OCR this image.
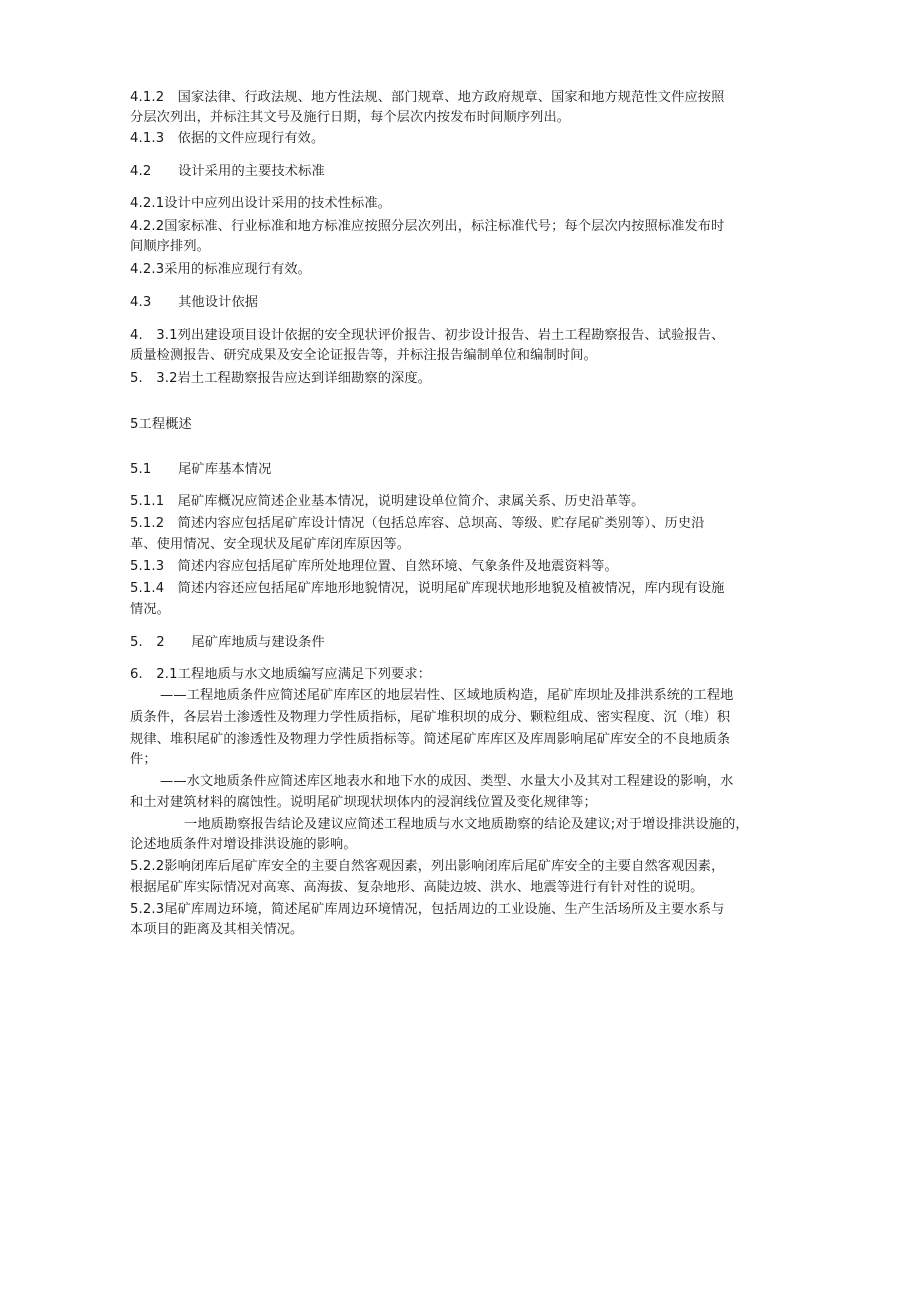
4.1.2　国家法律、行政法规、地方性法规、部门规章、地方政府规章、国家和地方规范性文件应按照
分层次列出，并标注其文号及施行日期，每个层次内按发布时间顺序列出。
4.1.3　依据的文件应现行有效。
4.2　　设计采用的主要技术标准
4.2.1设计中应列出设计采用的技术性标准。
4.2.2国家标准、行业标准和地方标准应按照分层次列出，标注标准代号；每个层次内按照标准发布时
间顺序排列。
4.2.3采用的标准应现行有效。
4.3　　其他设计依据
4.　3.1列出建设项目设计依据的安全现状评价报告、初步设计报告、岩土工程勘察报告、试验报告、
质量检测报告、研究成果及安全论证报告等，并标注报告编制单位和编制时间。
5.　3.2岩土工程勘察报告应达到详细勘察的深度。
5工程概述
5.1　　尾矿库基本情况
5.1.1　尾矿库概况应简述企业基本情况，说明建设单位简介、隶属关系、历史沿革等。
5.1.2　简述内容应包括尾矿库设计情况（包括总库容、总坝高、等级、贮存尾矿类别等）、历史沿
革、使用情况、安全现状及尾矿库闭库原因等。
5.1.3　简述内容应包括尾矿库所处地理位置、自然环境、气象条件及地震资料等。
5.1.4　简述内容还应包括尾矿库地形地貌情况，说明尾矿库现状地形地貌及植被情况，库内现有设施
情况。
5.　2　　尾矿库地质与建设条件
6.　2.1工程地质与水文地质编写应满足下列要求：
——工程地质条件应简述尾矿库库区的地层岩性、区域地质构造，尾矿库坝址及排洪系统的工程地
质条件，各层岩土渗透性及物理力学性质指标，尾矿堆积坝的成分、颗粒组成、密实程度、沉（堆）积
规律、堆积尾矿的渗透性及物理力学性质指标等。简述尾矿库库区及库周影响尾矿库安全的不良地质条
件；
——水文地质条件应简述库区地表水和地下水的成因、类型、水量大小及其对工程建设的影响，水
和土对建筑材料的腐蚀性。说明尾矿坝现状坝体内的浸润线位置及变化规律等；
一地质勘察报告结论及建议应简述工程地质与水文地质勘察的结论及建议;对于增设排洪设施的，
论述地质条件对增设排洪设施的影响。
5.2.2影响闭库后尾矿库安全的主要自然客观因素，列出影响闭库后尾矿库安全的主要自然客观因素，
根据尾矿库实际情况对高寒、高海拔、复杂地形、高陡边坡、洪水、地震等进行有针对性的说明。
5.2.3尾矿库周边环境，简述尾矿库周边环境情况，包括周边的工业设施、生产生活场所及主要水系与
本项目的距离及其相关情况。
